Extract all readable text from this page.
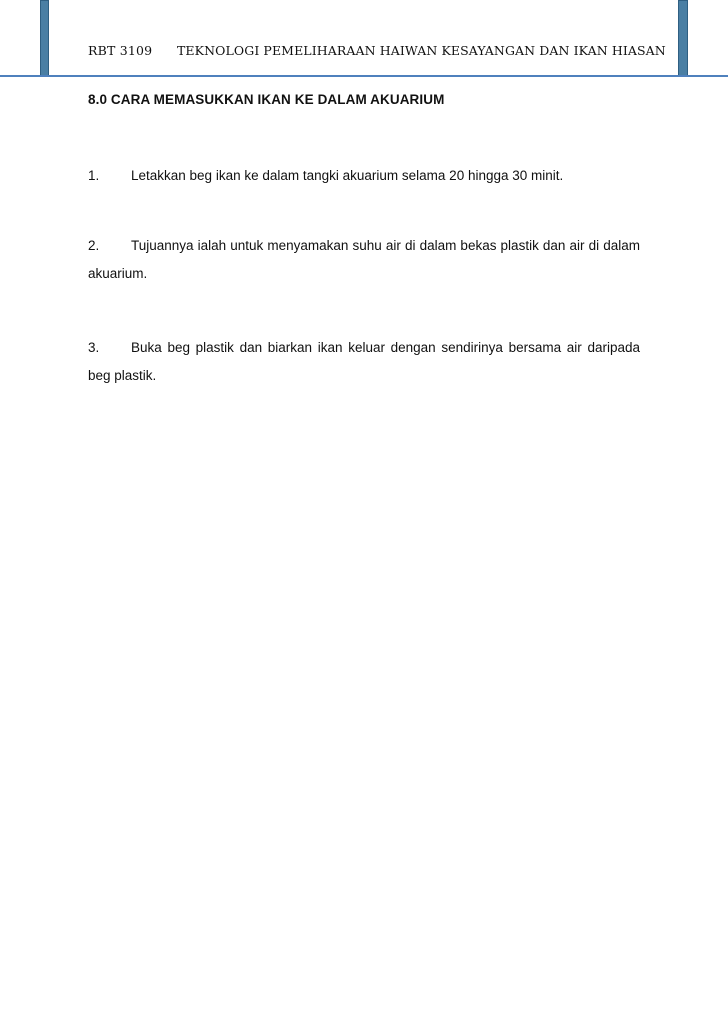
RBT 3109 TEKNOLOGI PEMELIHARAAN HAIWAN KESAYANGAN DAN IKAN HIASAN
8.0 CARA MEMASUKKAN IKAN KE DALAM AKUARIUM
1. Letakkan beg ikan ke dalam tangki akuarium selama 20 hingga 30 minit.
2. Tujuannya ialah untuk menyamakan suhu air di dalam bekas plastik dan air di dalam akuarium.
3. Buka beg plastik dan biarkan ikan keluar dengan sendirinya bersama air daripada beg plastik.
